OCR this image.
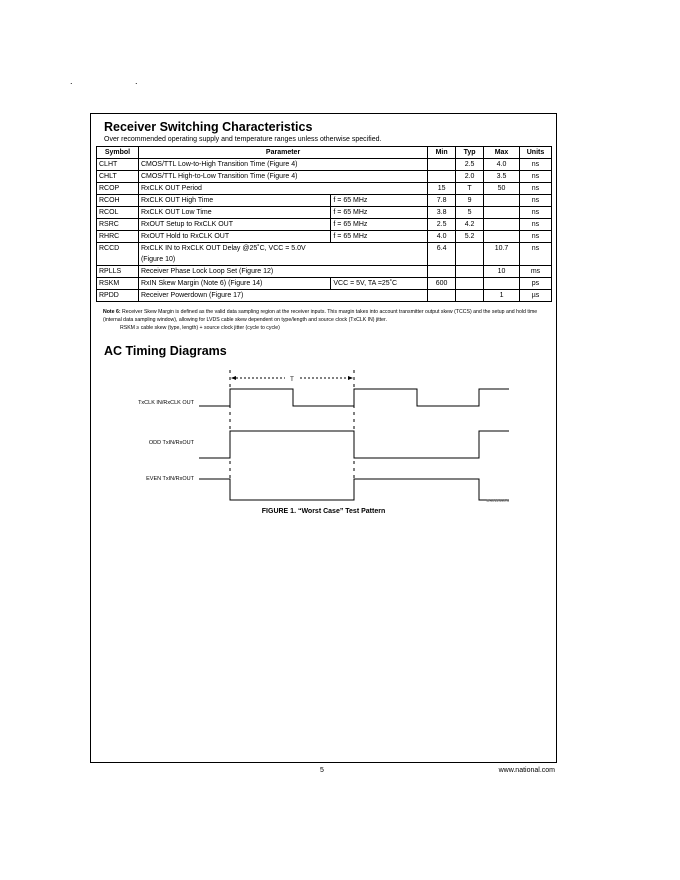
. .
Receiver Switching Characteristics
Over recommended operating supply and temperature ranges unless otherwise specified.
Symbol	Parameter		Min	Typ	Max	Units
CLHT	CMOS/TTL Low-to-High Transition Time (Figure 4)			2.5	4.0	ns
CHLT	CMOS/TTL High-to-Low Transition Time (Figure 4)			2.0	3.5	ns
RCOP	RxCLK OUT Period		15	T	50	ns
RCOH	RxCLK OUT High Time	f = 65 MHz	7.8	9		ns
RCOL	RxCLK OUT Low Time	f = 65 MHz	3.8	5		ns
RSRC	RxOUT Setup to RxCLK OUT	f = 65 MHz	2.5	4.2		ns
RHRC	RxOUT Hold to RxCLK OUT	f = 65 MHz	4.0	5.2		ns
RCCD	RxCLK IN to RxCLK OUT Delay @25˚C, VCC = 5.0V
(Figure 10)		6.4		10.7	ns
RPLLS	Receiver Phase Lock Loop Set (Figure 12)				10	ms
RSKM	RxIN Skew Margin (Note 6) (Figure 14)	VCC = 5V, TA =25˚C	600			ps
RPDD	Receiver Powerdown (Figure 17)				1	µs
Note 6: Receiver Skew Margin is defined as the valid data sampling region at the receiver inputs. This margin takes into account transmitter output skew (TCCS) and the setup and hold time (internal data sampling window), allowing for LVDS cable skew dependent on type/length and source clock (TxCLK IN) jitter.
RSKM ≥ cable skew (type, length) + source clock jitter (cycle to cycle)
AC Timing Diagrams
T
TxCLK IN/RxCLK OUT
ODD TxIN/RxOUT
EVEN TxIN/RxOUT
DS012490-3
FIGURE 1. “Worst Case” Test Pattern
5	www.national.com
